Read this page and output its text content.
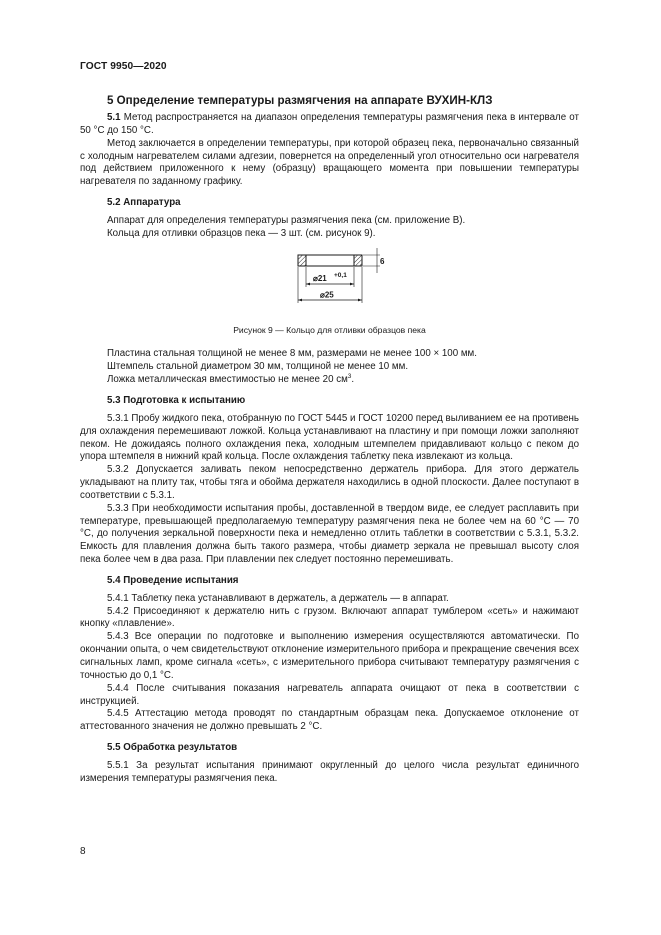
ГОСТ 9950—2020
5 Определение температуры размягчения на аппарате ВУХИН-КЛЗ

5.1 Метод распространяется на диапазон определения температуры размягчения пека в интервале от 50 °С до 150 °С.

Метод заключается в определении температуры, при которой образец пека, первоначально связанный с холодным нагревателем силами адгезии, повернется на определенный угол относительно оси нагревателя под действием приложенного к нему (образцу) вращающего момента при повышении температуры нагревателя по заданному графику.

5.2 Аппаратура

Аппарат для определения температуры размягчения пека (см. приложение В).

Кольца для отливки образцов пека — 3 шт. (см. рисунок 9).

6
⌀21 +0,1
⌀25

Рисунок 9 — Кольцо для отливки образцов пека

Пластина стальная толщиной не менее 8 мм, размерами не менее 100 × 100 мм.

Штемпель стальной диаметром 30 мм, толщиной не менее 10 мм.

Ложка металлическая вместимостью не менее 20 $см^3$.

5.3 Подготовка к испытанию

5.3.1 Пробу жидкого пека, отобранную по ГОСТ 5445 и ГОСТ 10200 перед выливанием ее на противень для охлаждения перемешивают ложкой. Кольца устанавливают на пластину и при помощи ложки заполняют пеком. Не дожидаясь полного охлаждения пека, холодным штемпелем придавливают кольцо с пеком до упора штемпеля в нижний край кольца. После охлаждения таблетку пека извлекают из кольца.

5.3.2 Допускается заливать пеком непосредственно держатель прибора. Для этого держатель укладывают на плиту так, чтобы тяга и обойма держателя находились в одной плоскости. Далее поступают в соответствии с 5.3.1.

5.3.3 При необходимости испытания пробы, доставленной в твердом виде, ее следует расплавить при температуре, превышающей предполагаемую температуру размягчения пека не более чем на 60 °С — 70 °С, до получения зеркальной поверхности пека и немедленно отлить таблетки в соответствии с 5.3.1, 5.3.2. Емкость для плавления должна быть такого размера, чтобы диаметр зеркала не превышал высоту слоя пека более чем в два раза. При плавлении пек следует постоянно перемешивать.

5.4 Проведение испытания

5.4.1 Таблетку пека устанавливают в держатель, а держатель — в аппарат.

5.4.2 Присоединяют к держателю нить с грузом. Включают аппарат тумблером «сеть» и нажимают кнопку «плавление».

5.4.3 Все операции по подготовке и выполнению измерения осуществляются автоматически. По окончании опыта, о чем свидетельствуют отклонение измерительного прибора и прекращение свечения всех сигнальных ламп, кроме сигнала «сеть», с измерительного прибора считывают температуру размягчения с точностью до 0,1 °С.

5.4.4 После считывания показания нагреватель аппарата очищают от пека в соответствии с инструкцией.

5.4.5 Аттестацию метода проводят по стандартным образцам пека. Допускаемое отклонение от аттестованного значения не должно превышать 2 °С.

5.5 Обработка результатов

5.5.1 За результат испытания принимают округленный до целого числа результат единичного измерения температуры размягчения пека.

8
